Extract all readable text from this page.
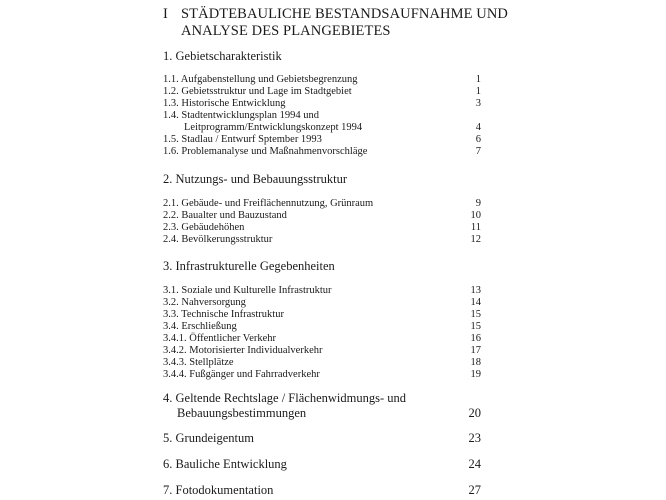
I STÄDTEBAULICHE BESTANDSAUFNAHME UND
ANALYSE DES PLANGEBIETES
1. Gebietscharakteristik
1.1. Aufgabenstellung und Gebietsbegrenzung	1
1.2. Gebietsstruktur und Lage im Stadtgebiet	1
1.3. Historische Entwicklung	3
1.4. Stadtentwicklungsplan 1994 und
Leitprogramm/Entwicklungskonzept 1994	4
1.5. Stadlau / Entwurf Sptember 1993	6
1.6. Problemanalyse und Maßnahmenvorschläge	7
2. Nutzungs- und Bebauungsstruktur
2.1. Gebäude- und Freiflächennutzung, Grünraum	9
2.2. Baualter und Bauzustand	10
2.3. Gebäudehöhen	11
2.4. Bevölkerungsstruktur	12
3. Infrastrukturelle Gegebenheiten
3.1. Soziale und Kulturelle Infrastruktur	13
3.2. Nahversorgung	14
3.3. Technische Infrastruktur	15
3.4. Erschließung	15
3.4.1. Öffentlicher Verkehr	16
3.4.2. Motorisierter Individualverkehr	17
3.4.3. Stellplätze	18
3.4.4. Fußgänger und Fahrradverkehr	19
4. Geltende Rechtslage / Flächenwidmungs- und
Bebauungsbestimmungen	20
5. Grundeigentum	23
6. Bauliche Entwicklung	24
7. Fotodokumentation	27
